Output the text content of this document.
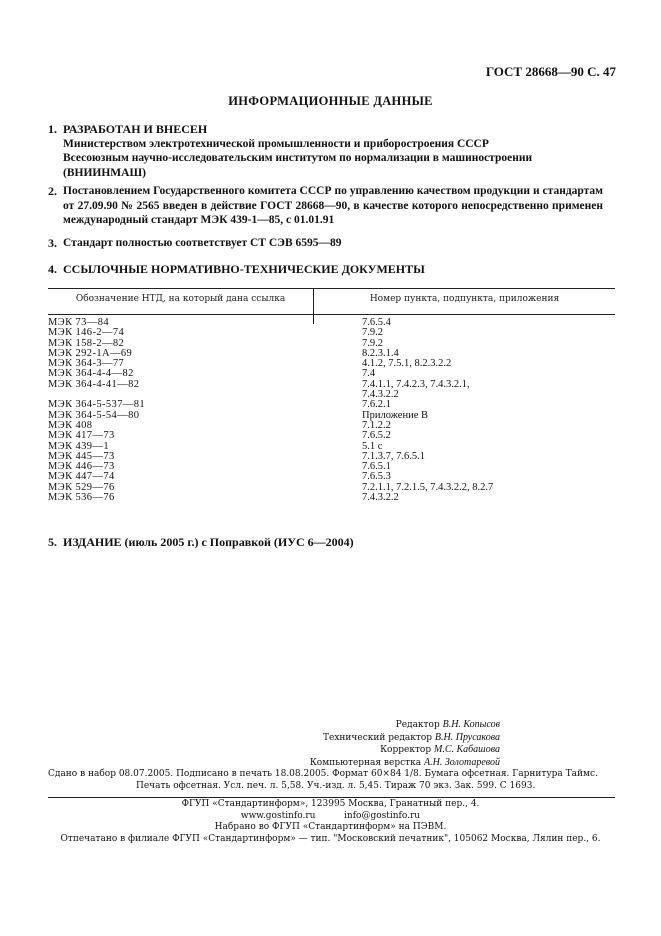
ГОСТ 28668—90 С. 47
ИНФОРМАЦИОННЫЕ ДАННЫЕ
1. РАЗРАБОТАН И ВНЕСЕН
Министерством электротехнической промышленности и приборостроения СССР
Всесоюзным научно-исследовательским институтом по нормализации в машиностроении
(ВНИИНМАШ)
2. Постановлением Государственного комитета СССР по управлению качеством продукции и стандартам от 27.09.90 № 2565 введен в действие ГОСТ 28668—90, в качестве которого непосредственно применен международный стандарт МЭК 439-1—85, с 01.01.91
3. Стандарт полностью соответствует СТ СЭВ 6595—89
4. ССЫЛОЧНЫЕ НОРМАТИВНО-ТЕХНИЧЕСКИЕ ДОКУМЕНТЫ
Обозначение НТД, на который дана ссылка	Номер пункта, подпункта, приложения
МЭК 73—84	7.6.5.4
МЭК 146-2—74	7.9.2
МЭК 158-2—82	7.9.2
МЭК 292-1А—69	8.2.3.1.4
МЭК 364-3—77	4.1.2, 7.5.1, 8.2.3.2.2
МЭК 364-4-4—82	7.4
МЭК 364-4-41—82	7.4.1.1, 7.4.2.3, 7.4.3.2.1,
7.4.3.2.2
МЭК 364-5-537—81	7.6.2.1
МЭК 364-5-54—80	Приложение В
МЭК 408	7.1.2.2
МЭК 417—73	7.6.5.2
МЭК 439—1	5.1 с
МЭК 445—73	7.1.3.7, 7.6.5.1
МЭК 446—73	7.6.5.1
МЭК 447—74	7.6.5.3
МЭК 529—76	7.2.1.1, 7.2.1.5, 7.4.3.2.2, 8.2.7
МЭК 536—76	7.4.3.2.2
5. ИЗДАНИЕ (июль 2005 г.) с Поправкой (ИУС 6—2004)
Редактор В.Н. Копысов
Технический редактор В.Н. Прусакова
Корректор М.С. Кабашова
Компьютерная верстка А.Н. Золотаревой
Сдано в набор 08.07.2005. Подписано в печать 18.08.2005. Формат 60×84 1/8. Бумага офсетная. Гарнитура Таймс.
Печать офсетная. Усл. печ. л. 5,58. Уч.-изд. л. 5,45. Тираж 70 экз. Зак. 599. С 1693.
ФГУП «Стандартинформ», 123995 Москва, Гранатный пер., 4.
www.gostinfo.ru          info@gostinfo.ru
Набрано во ФГУП «Стандартинформ» на ПЭВМ.
Отпечатано в филиале ФГУП «Стандартинформ» — тип. "Московский печатник", 105062 Москва, Лялин пер., 6.
